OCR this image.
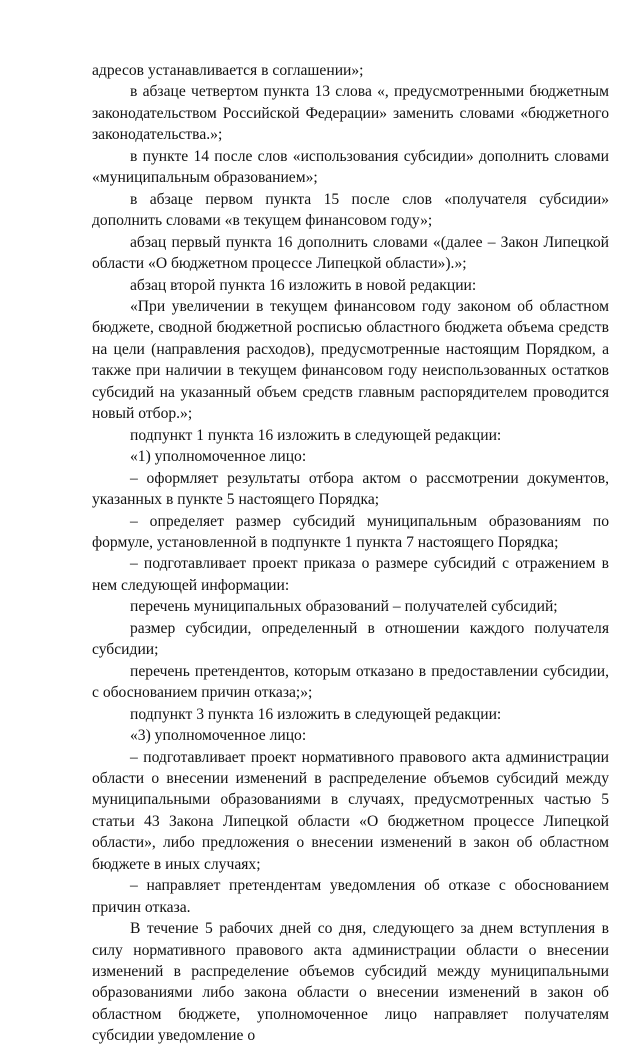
адресов устанавливается в соглашении»;

в абзаце четвертом пункта 13 слова «, предусмотренными бюджетным законодательством Российской Федерации» заменить словами «бюджетного законодательства.»;

в пункте 14 после слов «использования субсидии» дополнить словами «муниципальным образованием»;

в абзаце первом пункта 15 после слов «получателя субсидии» дополнить словами «в текущем финансовом году»;

абзац первый пункта 16 дополнить словами «(далее – Закон Липецкой области «О бюджетном процессе Липецкой области»).»;

абзац второй пункта 16 изложить в новой редакции:

«При увеличении в текущем финансовом году законом об областном бюджете, сводной бюджетной росписью областного бюджета объема средств на цели (направления расходов), предусмотренные настоящим Порядком, а также при наличии в текущем финансовом году неиспользованных остатков субсидий на указанный объем средств главным распорядителем проводится новый отбор.»;

подпункт 1 пункта 16 изложить в следующей редакции:

«1) уполномоченное лицо:

– оформляет результаты отбора актом о рассмотрении документов, указанных в пункте 5 настоящего Порядка;

– определяет размер субсидий муниципальным образованиям по формуле, установленной в подпункте 1 пункта 7 настоящего Порядка;

– подготавливает проект приказа о размере субсидий с отражением в нем следующей информации:

перечень муниципальных образований – получателей субсидий;

размер субсидии, определенный в отношении каждого получателя субсидии;

перечень претендентов, которым отказано в предоставлении субсидии, с обоснованием причин отказа;»;

подпункт 3 пункта 16 изложить в следующей редакции:

«3) уполномоченное лицо:

– подготавливает проект нормативного правового акта администрации области о внесении изменений в распределение объемов субсидий между муниципальными образованиями в случаях, предусмотренных частью 5 статьи 43 Закона Липецкой области «О бюджетном процессе Липецкой области», либо предложения о внесении изменений в закон об областном бюджете в иных случаях;

– направляет претендентам уведомления об отказе с обоснованием причин отказа.

В течение 5 рабочих дней со дня, следующего за днем вступления в силу нормативного правового акта администрации области о внесении изменений в распределение объемов субсидий между муниципальными образованиями либо закона области о внесении изменений в закон об областном бюджете, уполномоченное лицо направляет получателям субсидии уведомление о
